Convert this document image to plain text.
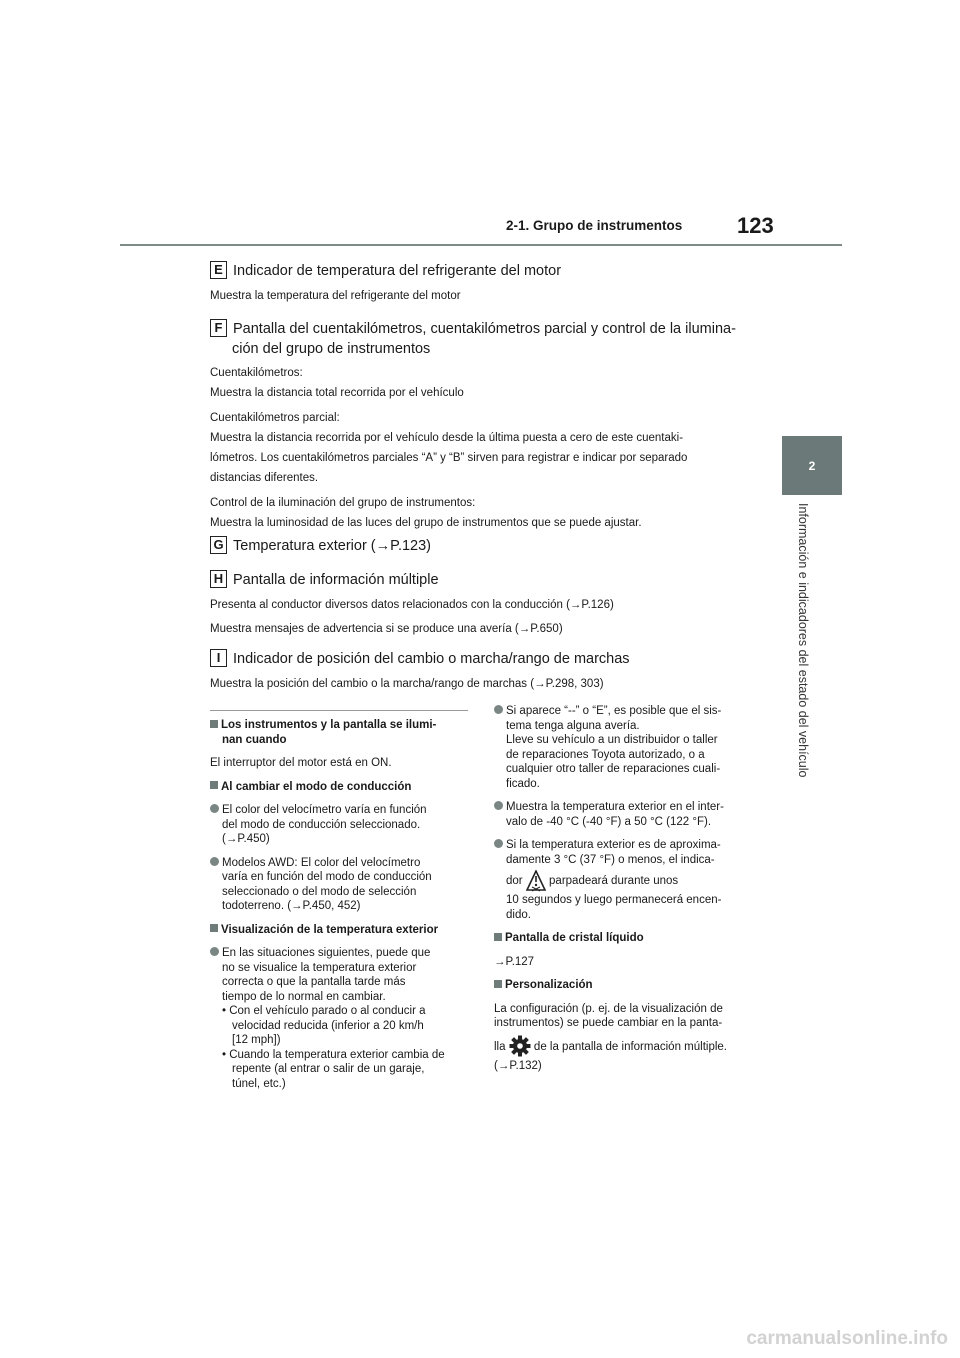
2-1. Grupo de instrumentos 123
2
Información e indicadores del estado del vehículo
E Indicador de temperatura del refrigerante del motor
Muestra la temperatura del refrigerante del motor
F Pantalla del cuentakilómetros, cuentakilómetros parcial y control de la ilumina-
ción del grupo de instrumentos
Cuentakilómetros:
Muestra la distancia total recorrida por el vehículo
Cuentakilómetros parcial:
Muestra la distancia recorrida por el vehículo desde la última puesta a cero de este cuentaki-
lómetros. Los cuentakilómetros parciales “A” y “B” sirven para registrar e indicar por separado
distancias diferentes.
Control de la iluminación del grupo de instrumentos:
Muestra la luminosidad de las luces del grupo de instrumentos que se puede ajustar.
G Temperatura exterior (→P.123)
H Pantalla de información múltiple
Presenta al conductor diversos datos relacionados con la conducción (→P.126)
Muestra mensajes de advertencia si se produce una avería (→P.650)
I Indicador de posición del cambio o marcha/rango de marchas
Muestra la posición del cambio o la marcha/rango de marchas (→P.298, 303)

Los instrumentos y la pantalla se ilumi-
nan cuando

El interruptor del motor está en ON.

Al cambiar el modo de conducción

El color del velocímetro varía en función
del modo de conducción seleccionado.
(→P.450)

Modelos AWD: El color del velocímetro
varía en función del modo de conducción
seleccionado o del modo de selección
todoterreno. (→P.450, 452)

Visualización de la temperatura exterior

En las situaciones siguientes, puede que
no se visualice la temperatura exterior
correcta o que la pantalla tarde más
tiempo de lo normal en cambiar.

• Con el vehículo parado o al conducir a
velocidad reducida (inferior a 20 km/h
[12 mph])

• Cuando la temperatura exterior cambia de
repente (al entrar o salir de un garaje,
túnel, etc.)

Si aparece “--” o “E”, es posible que el sis-
tema tenga alguna avería.
Lleve su vehículo a un distribuidor o taller
de reparaciones Toyota autorizado, o a
cualquier otro taller de reparaciones cuali-
ficado.

Muestra la temperatura exterior en el inter-
valo de -40 °C (-40 °F) a 50 °C (122 °F).

Si la temperatura exterior es de aproxima-
damente 3 °C (37 °F) o menos, el indica-

dor parpadeará durante unos

10 segundos y luego permanecerá encen-
dido.

Pantalla de cristal líquido

→P.127

Personalización

La configuración (p. ej. de la visualización de
instrumentos) se puede cambiar en la panta-

lla de la pantalla de información múltiple.

(→P.132)

carmanualsonline.info
